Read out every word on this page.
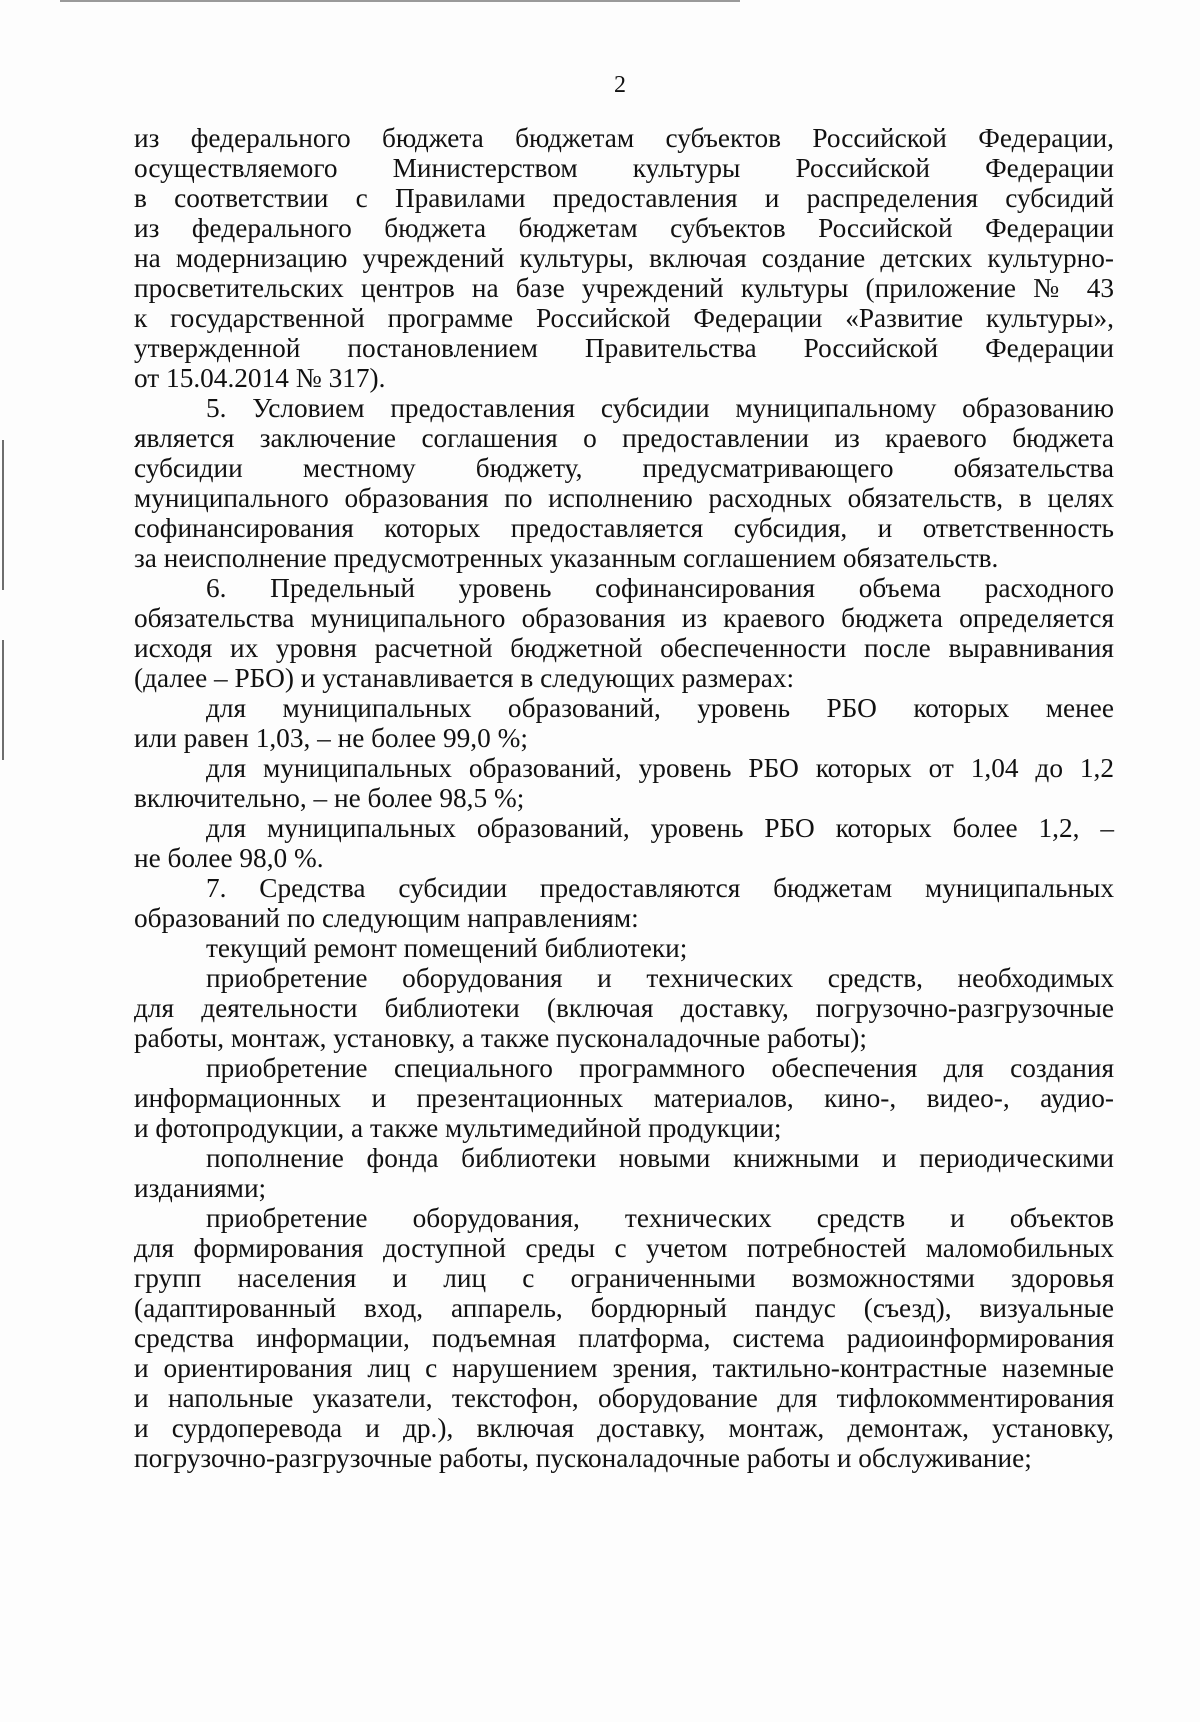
2

из федерального бюджета бюджетам субъектов Российской Федерации,

осуществляемого Министерством культуры Российской Федерации

в соответствии с Правилами предоставления и распределения субсидий

из федерального бюджета бюджетам субъектов Российской Федерации

на модернизацию учреждений культуры, включая создание детских культурно-

просветительских центров на базе учреждений культуры (приложение № 43

к государственной программе Российской Федерации «Развитие культуры»,

утвержденной постановлением Правительства Российской Федерации

от 15.04.2014 № 317).

5. Условием предоставления субсидии муниципальному образованию

является заключение соглашения о предоставлении из краевого бюджета

субсидии местному бюджету, предусматривающего обязательства

муниципального образования по исполнению расходных обязательств, в целях

софинансирования которых предоставляется субсидия, и ответственность

за неисполнение предусмотренных указанным соглашением обязательств.

6. Предельный уровень софинансирования объема расходного

обязательства муниципального образования из краевого бюджета определяется

исходя их уровня расчетной бюджетной обеспеченности после выравнивания

(далее – РБО) и устанавливается в следующих размерах:

для муниципальных образований, уровень РБО которых менее

или равен 1,03, – не более 99,0 %;

для муниципальных образований, уровень РБО которых от 1,04 до 1,2

включительно, – не более 98,5 %;

для муниципальных образований, уровень РБО которых более 1,2, –

не более 98,0 %.

7. Средства субсидии предоставляются бюджетам муниципальных

образований по следующим направлениям:

текущий ремонт помещений библиотеки;

приобретение оборудования и технических средств, необходимых

для деятельности библиотеки (включая доставку, погрузочно-разгрузочные

работы, монтаж, установку, а также пусконаладочные работы);

приобретение специального программного обеспечения для создания

информационных и презентационных материалов, кино-, видео-, аудио-

и фотопродукции, а также мультимедийной продукции;

пополнение фонда библиотеки новыми книжными и периодическими

изданиями;

приобретение оборудования, технических средств и объектов

для формирования доступной среды с учетом потребностей маломобильных

групп населения и лиц с ограниченными возможностями здоровья

(адаптированный вход, аппарель, бордюрный пандус (съезд), визуальные

средства информации, подъемная платформа, система радиоинформирования

и ориентирования лиц с нарушением зрения, тактильно-контрастные наземные

и напольные указатели, текстофон, оборудование для тифлокомментирования

и сурдоперевода и др.), включая доставку, монтаж, демонтаж, установку,

погрузочно-разгрузочные работы, пусконаладочные работы и обслуживание;
